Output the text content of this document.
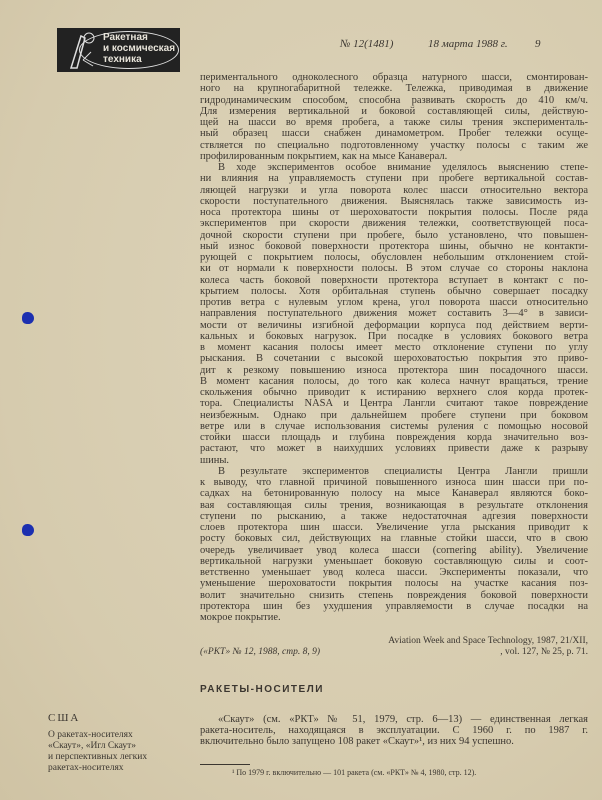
Ракетная
и космическая
техника
№ 12(1481)	18 марта 1988 г. 9
периментального одноколесного образца натурного шасси, смонтирован-
ного на крупногабаритной тележке. Тележка, приводимая в движение
гидродинамическим способом, способна развивать скорость до 410 км/ч.
Для измерения вертикальной и боковой составляющей силы, действую-
щей на шасси во время пробега, а также силы трения эксперименталь-
ный образец шасси снабжен динамометром. Пробег тележки осуще-
ствляется по специально подготовленному участку полосы с таким же
профилированным покрытием, как на мысе Канаверал.
В ходе экспериментов особое внимание уделялось выяснению степе-
ни влияния на управляемость ступени при пробеге вертикальной состав-
ляющей нагрузки и угла поворота колес шасси относительно вектора
скорости поступательного движения. Выяснялась также зависимость из-
носа протектора шины от шероховатости покрытия полосы. После ряда
экспериментов при скорости движения тележки, соответствующей поса-
дочной скорости ступени при пробеге, было установлено, что повышен-
ный износ боковой поверхности протектора шины, обычно не контакти-
рующей с покрытием полосы, обусловлен небольшим отклонением стой-
ки от нормали к поверхности полосы. В этом случае со стороны наклона
колеса часть боковой поверхности протектора вступает в контакт с по-
крытием полосы. Хотя орбитальная ступень обычно совершает посадку
против ветра с нулевым углом крена, угол поворота шасси относительно
направления поступательного движения может составить 3—4° в зависи-
мости от величины изгибной деформации корпуса под действием верти-
кальных и боковых нагрузок. При посадке в условиях бокового ветра
в момент касания полосы имеет место отклонение ступени по углу
рыскания. В сочетании с высокой шероховатостью покрытия это приво-
дит к резкому повышению износа протектора шин посадочного шасси.
В момент касания полосы, до того как колеса начнут вращаться, трение
скольжения обычно приводит к истиранию верхнего слоя корда протек-
тора. Специалисты NASA и Центра Лангли считают такое повреждение
неизбежным. Однако при дальнейшем пробеге ступени при боковом
ветре или в случае использования системы руления с помощью носовой
стойки шасси площадь и глубина повреждения корда значительно воз-
растают, что может в наихудших условиях привести даже к разрыву
шины.
В результате экспериментов специалисты Центра Лангли пришли
к выводу, что главной причиной повышенного износа шин шасси при по-
садках на бетонированную полосу на мысе Канаверал являются боко-
вая составляющая силы трения, возникающая в результате отклонения
ступени по рысканию, а также недостаточная адгезия поверхности
слоев протектора шин шасси. Увеличение угла рыскания приводит к
росту боковых сил, действующих на главные стойки шасси, что в свою
очередь увеличивает увод колеса шасси (cornering ability). Увеличение
вертикальной нагрузки уменьшает боковую составляющую силы и соот-
ветственно уменьшает увод колеса шасси. Эксперименты показали, что
уменьшение шероховатости покрытия полосы на участке касания поз-
волит значительно снизить степень повреждения боковой поверхности
протектора шин без ухудшения управляемости в случае посадки на
мокрое покрытие.
Aviation Week and Space Technology, 1987, 21/XII,
, vol. 127, № 25, p. 71.
(«РКТ» № 12, 1988, стр. 8, 9)
РАКЕТЫ-НОСИТЕЛИ
США
О ракетах-носителях
«Скаут», «Игл Скаут»
и перспективных легких
ракетах-носителях
«Скаут» (см. «РКТ» № 51, 1979, стр. 6—13) — единственная легкая
ракета-носитель, находящаяся в эксплуатации. С 1960 г. по 1987 г.
включительно было запущено 108 ракет «Скаут»¹, из них 94 успешно.
¹ По 1979 г. включительно — 101 ракета (см. «РКТ» № 4, 1980, стр. 12).
